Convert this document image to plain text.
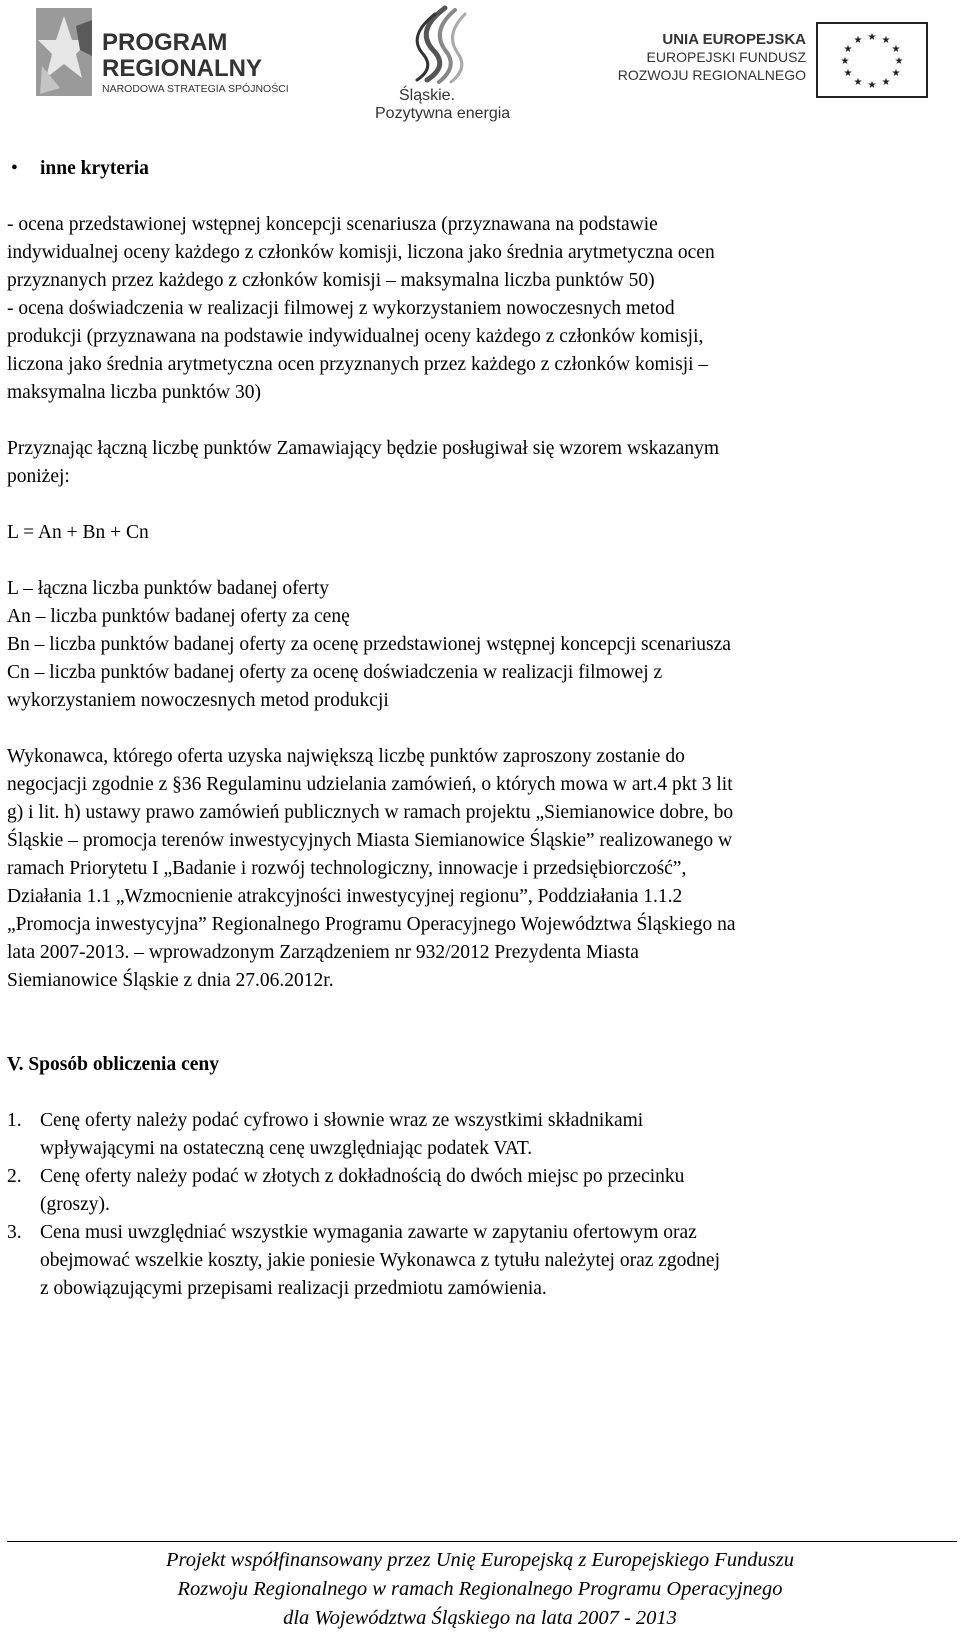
PROGRAM
REGIONALNY
NARODOWA STRATEGIA SPÓJNOŚCI	Śląskie.
Pozytywna energia
UNIA EUROPEJSKA
EUROPEJSKI FUNDUSZ
ROZWOJU REGIONALNEGO
★ ★
★
★
★
★
★
★
★
★
★
★
• inne kryteria
- ocena przedstawionej wstępnej koncepcji scenariusza (przyznawana na podstawie
indywidualnej oceny każdego z członków komisji, liczona jako średnia arytmetyczna ocen
przyznanych przez każdego z członków komisji – maksymalna liczba punktów 50)
- ocena doświadczenia w realizacji filmowej z wykorzystaniem nowoczesnych metod
produkcji (przyznawana na podstawie indywidualnej oceny każdego z członków komisji,
liczona jako średnia arytmetyczna ocen przyznanych przez każdego z członków komisji –
maksymalna liczba punktów 30)
Przyznając łączną liczbę punktów Zamawiający będzie posługiwał się wzorem wskazanym
poniżej:
L = An + Bn + Cn
L – łączna liczba punktów badanej oferty
An – liczba punktów badanej oferty za cenę
Bn – liczba punktów badanej oferty za ocenę przedstawionej wstępnej koncepcji scenariusza
Cn – liczba punktów badanej oferty za ocenę doświadczenia w realizacji filmowej z
wykorzystaniem nowoczesnych metod produkcji
Wykonawca, którego oferta uzyska największą liczbę punktów zaproszony zostanie do
negocjacji zgodnie z §36 Regulaminu udzielania zamówień, o których mowa w art.4 pkt 3 lit
g) i lit. h) ustawy prawo zamówień publicznych w ramach projektu „Siemianowice dobre, bo
Śląskie – promocja terenów inwestycyjnych Miasta Siemianowice Śląskie” realizowanego w
ramach Priorytetu I „Badanie i rozwój technologiczny, innowacje i przedsiębiorczość”,
Działania 1.1 „Wzmocnienie atrakcyjności inwestycyjnej regionu”, Poddziałania 1.1.2
„Promocja inwestycyjna” Regionalnego Programu Operacyjnego Województwa Śląskiego na
lata 2007-2013. – wprowadzonym Zarządzeniem nr 932/2012 Prezydenta Miasta
Siemianowice Śląskie z dnia 27.06.2012r.
V. Sposób obliczenia ceny
1. Cenę oferty należy podać cyfrowo i słownie wraz ze wszystkimi składnikami
wpływającymi na ostateczną cenę uwzględniając podatek VAT.
2. Cenę oferty należy podać w złotych z dokładnością do dwóch miejsc po przecinku
(groszy).
3. Cena musi uwzględniać wszystkie wymagania zawarte w zapytaniu ofertowym oraz
obejmować wszelkie koszty, jakie poniesie Wykonawca z tytułu należytej oraz zgodnej
z obowiązującymi przepisami realizacji przedmiotu zamówienia.
Projekt współfinansowany przez Unię Europejską z Europejskiego Funduszu
Rozwoju Regionalnego w ramach Regionalnego Programu Operacyjnego
dla Województwa Śląskiego na lata 2007 - 2013
